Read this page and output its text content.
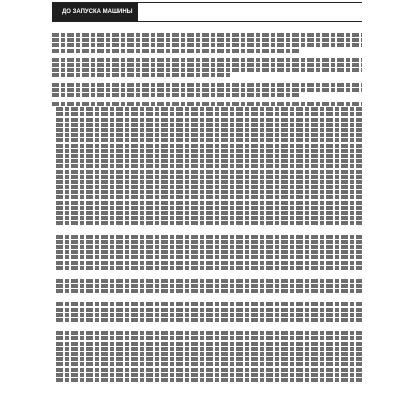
ДО ЗАПУСКА МАШИНЫ
